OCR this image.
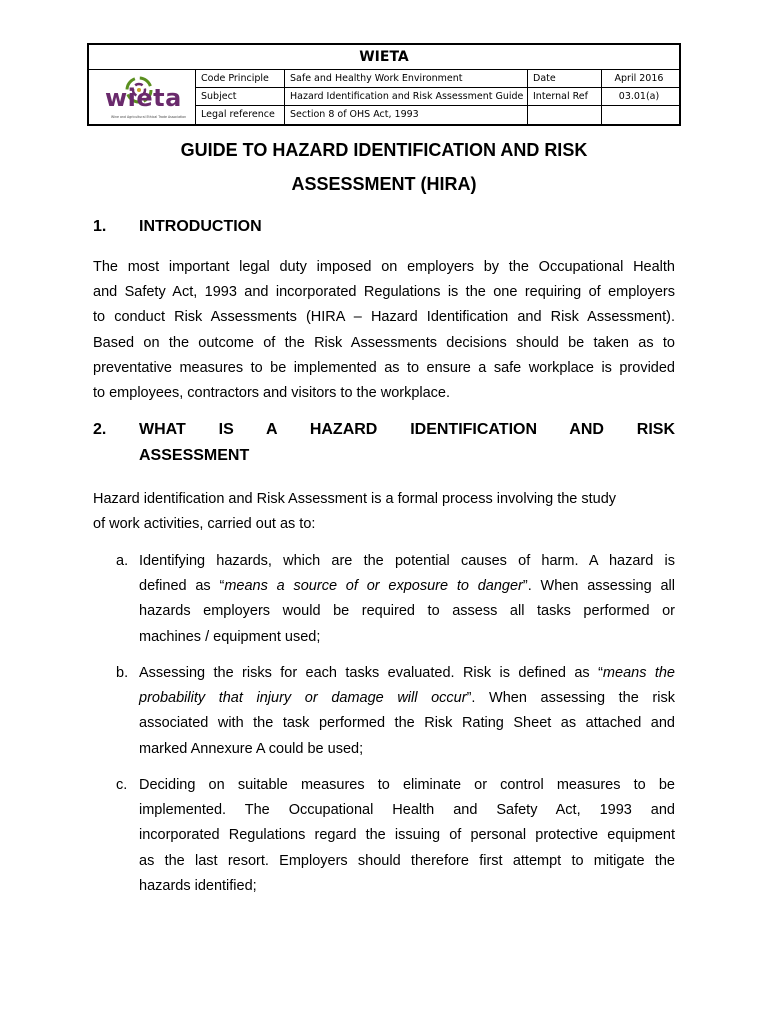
WIETA
wieta
Wine and Agricultural Ethical Trade Association
Code Principle	Safe and Healthy Work Environment	Date	April 2016
Subject	Hazard Identification and Risk Assessment Guide	Internal Ref	03.01(a)
Legal reference	Section 8 of OHS Act, 1993
GUIDE TO HAZARD IDENTIFICATION AND RISK
ASSESSMENT (HIRA)
1. INTRODUCTION
The most important legal duty imposed on employers by the Occupational Health
and Safety Act, 1993 and incorporated Regulations is the one requiring of employers
to conduct Risk Assessments (HIRA – Hazard Identification and Risk Assessment).
Based on the outcome of the Risk Assessments decisions should be taken as to
preventative measures to be implemented as to ensure a safe workplace is provided
to employees, contractors and visitors to the workplace.
2.	WHAT IS A HAZARD IDENTIFICATION AND RISK
ASSESSMENT
Hazard identification and Risk Assessment is a formal process involving the study
of work activities, carried out as to:
a. Identifying hazards, which are the potential causes of harm. A hazard is
defined as “means a source of or exposure to danger”. When assessing all
hazards employers would be required to assess all tasks performed or
machines / equipment used;
b. Assessing the risks for each tasks evaluated. Risk is defined as “means the
probability that injury or damage will occur”. When assessing the risk
associated with the task performed the Risk Rating Sheet as attached and
marked Annexure A could be used;
c. Deciding on suitable measures to eliminate or control measures to be
implemented. The Occupational Health and Safety Act, 1993 and
incorporated Regulations regard the issuing of personal protective equipment
as the last resort. Employers should therefore first attempt to mitigate the
hazards identified;
